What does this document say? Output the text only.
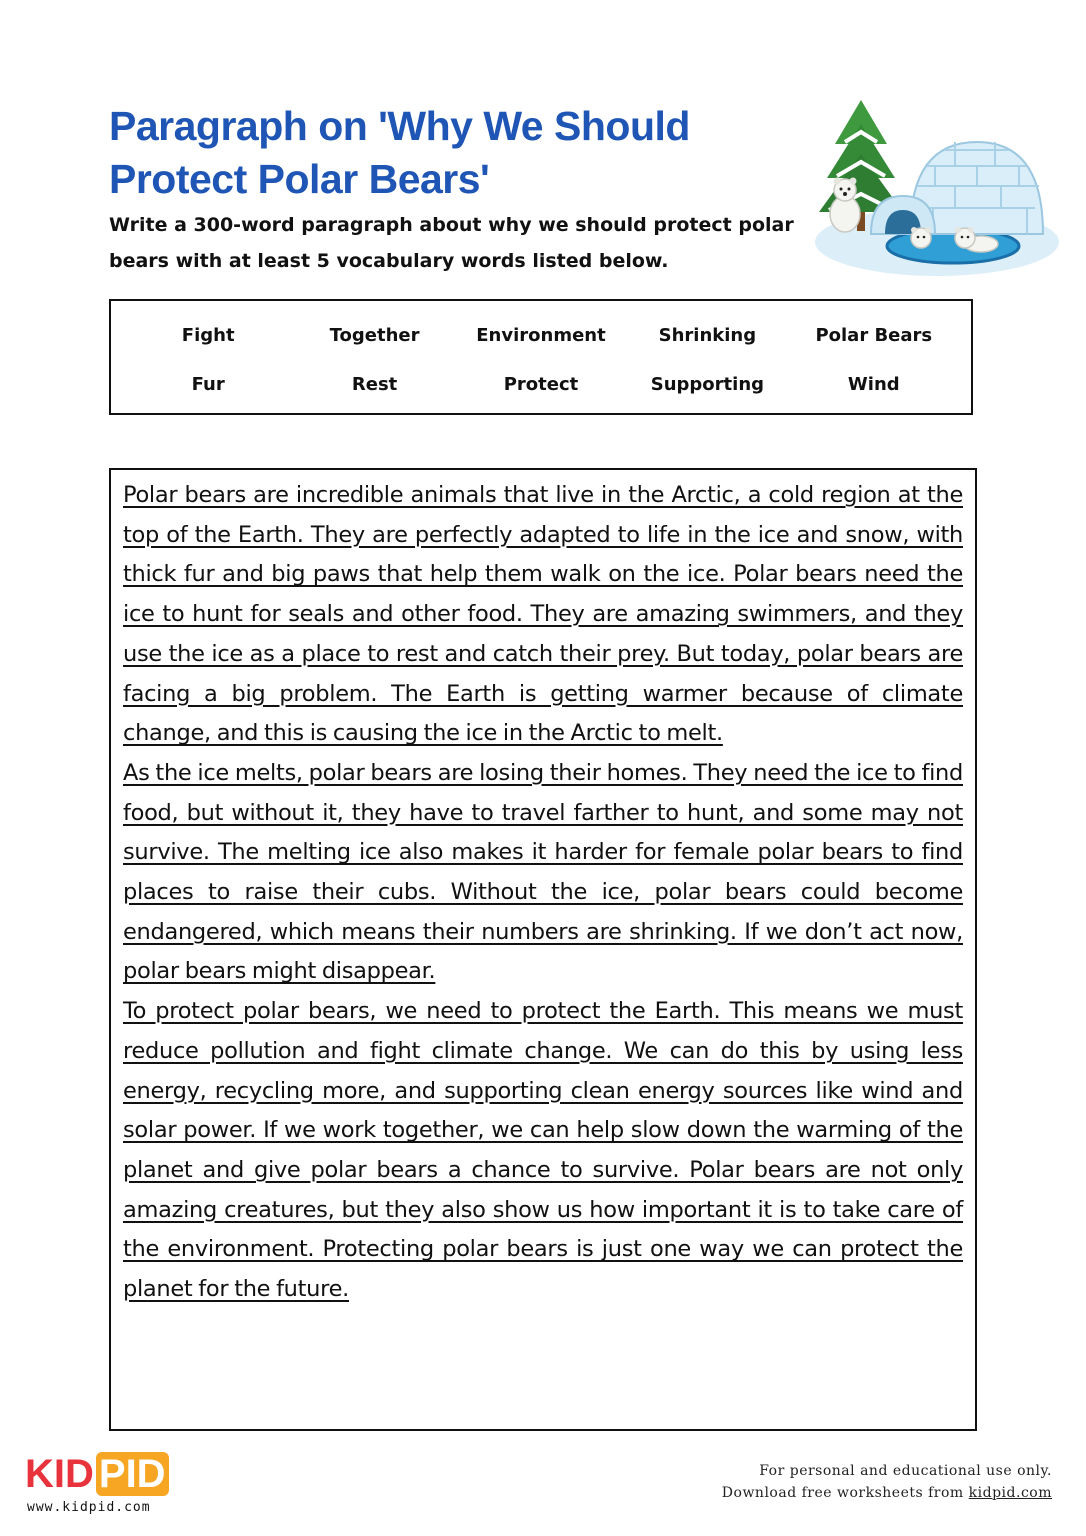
Paragraph on 'Why We Should Protect Polar Bears'

Write a 300-word paragraph about why we should protect polar bears with at least 5 vocabulary words listed below.

Fight	Together	Environment	Shrinking	Polar Bears
Fur	Rest	Protect	Supporting	Wind

Polar bears are incredible animals that live in the Arctic, a cold region at the top of the Earth. They are perfectly adapted to life in the ice and snow, with thick fur and big paws that help them walk on the ice. Polar bears need the ice to hunt for seals and other food. They are amazing swimmers, and they use the ice as a place to rest and catch their prey. But today, polar bears are facing a big problem. The Earth is getting warmer because of climate change, and this is causing the ice in the Arctic to melt.

As the ice melts, polar bears are losing their homes. They need the ice to find food, but without it, they have to travel farther to hunt, and some may not survive. The melting ice also makes it harder for female polar bears to find places to raise their cubs. Without the ice, polar bears could become endangered, which means their numbers are shrinking. If we don’t act now, polar bears might disappear.

To protect polar bears, we need to protect the Earth. This means we must reduce pollution and fight climate change. We can do this by using less energy, recycling more, and supporting clean energy sources like wind and solar power. If we work together, we can help slow down the warming of the planet and give polar bears a chance to survive. Polar bears are not only amazing creatures, but they also show us how important it is to take care of the environment. Protecting polar bears is just one way we can protect the planet for the future.

KID PID
www.kidpid.com
For personal and educational use only.
Download free worksheets from kidpid.com
